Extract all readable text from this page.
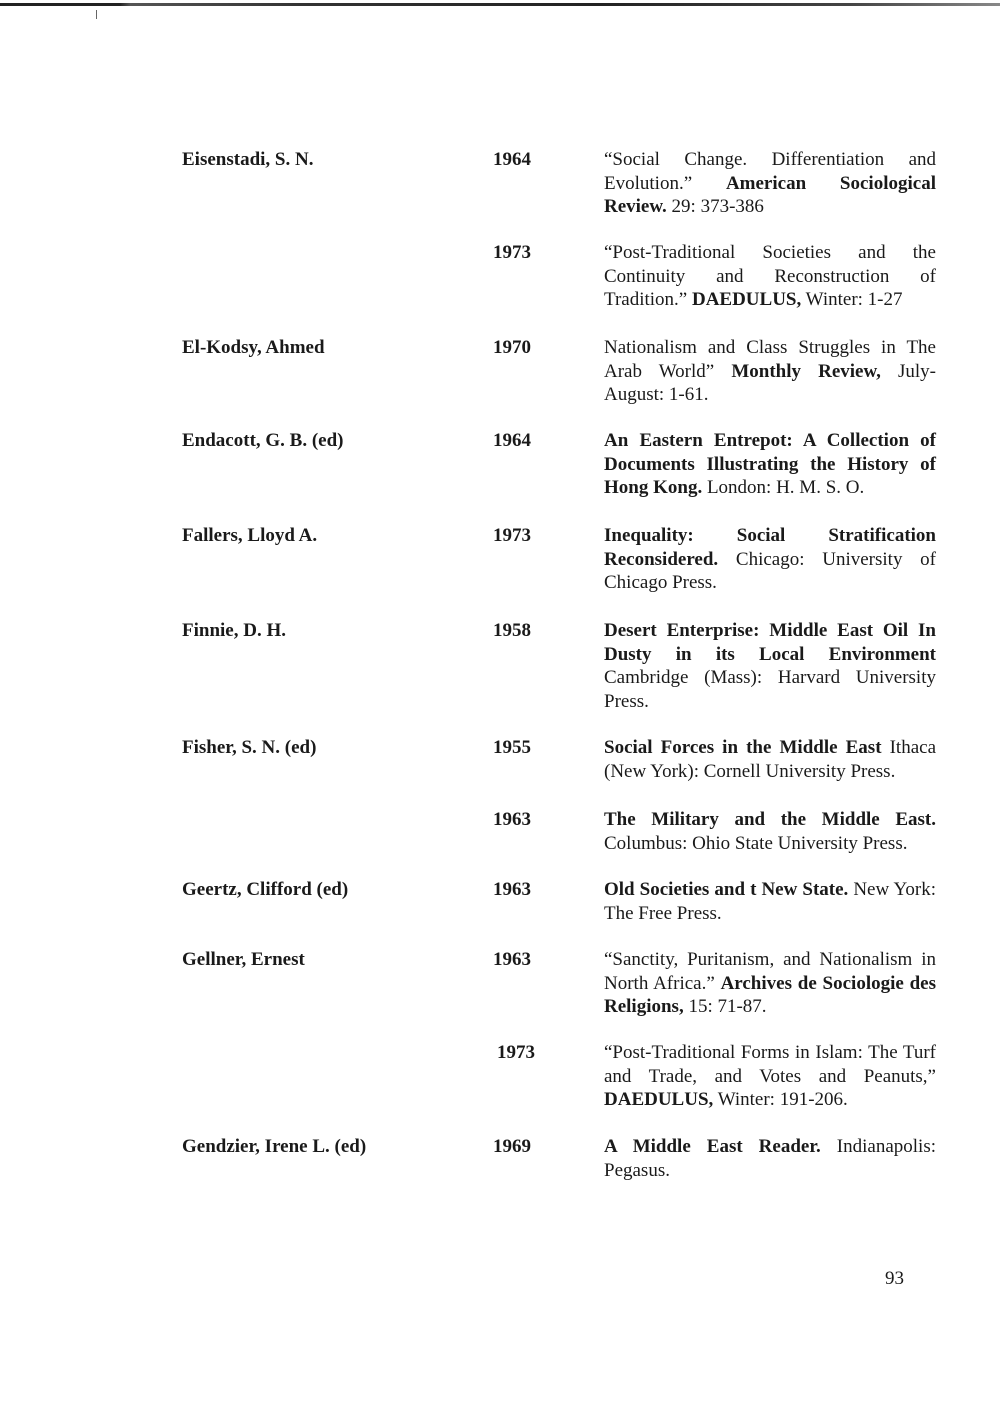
Eisenstadi, S. N.	1964	“Social Change. Differentiation and Evolution.” American Sociological Review. 29: 373-386
1973	“Post-Traditional Societies and the Continuity and Reconstruction of Tradition.” DAEDULUS, Winter: 1-27
El-Kodsy, Ahmed	1970	Nationalism and Class Struggles in The Arab World” Monthly Review, July-August: 1-61.
Endacott, G. B. (ed)	1964	An Eastern Entrepot: A Collection of Documents Illustrating the History of Hong Kong. London: H. M. S. O.
Fallers, Lloyd A.	1973	Inequality: Social Stratification Reconsidered. Chicago: University of Chicago Press.
Finnie, D. H.	1958	Desert Enterprise: Middle East Oil In Dusty in its Local Environment Cambridge (Mass): Harvard University Press.
Fisher, S. N. (ed)	1955	Social Forces in the Middle East Ithaca (New York): Cornell University Press.
1963	The Military and the Middle East. Columbus: Ohio State University Press.
Geertz, Clifford (ed)	1963	Old Societies and t New State. New York: The Free Press.
Gellner, Ernest	1963	“Sanctity, Puritanism, and Nationalism in North Africa.” Archives de Sociologie des Religions, 15: 71-87.
1973	“Post-Traditional Forms in Islam: The Turf and Trade, and Votes and Peanuts,” DAEDULUS, Winter: 191-206.
Gendzier, Irene L. (ed)	1969	A Middle East Reader. Indianapolis: Pegasus.
93
